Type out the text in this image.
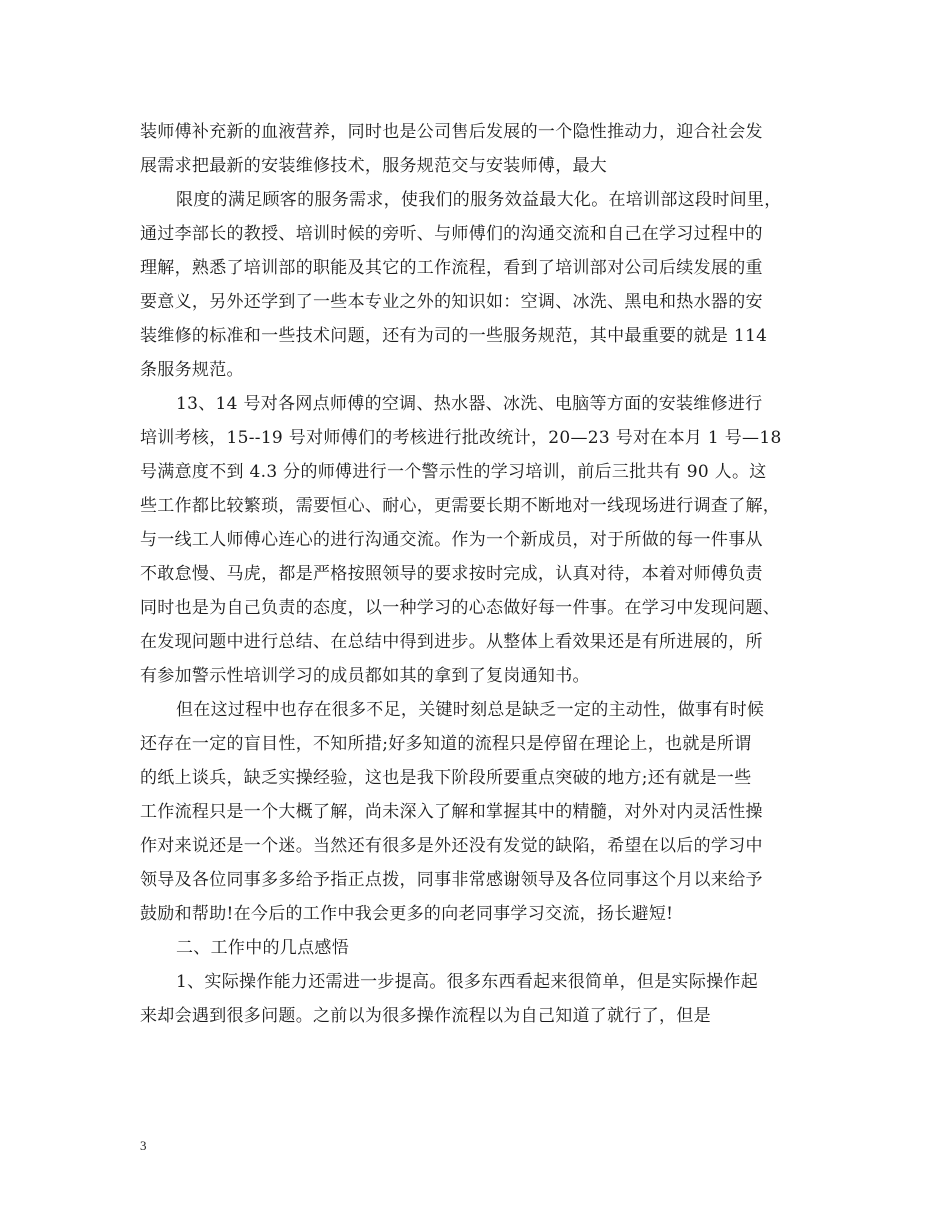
装师傅补充新的血液营养，同时也是公司售后发展的一个隐性推动力，迎合社会发
展需求把最新的安装维修技术，服务规范交与安装师傅，最大
限度的满足顾客的服务需求，使我们的服务效益最大化。在培训部这段时间里，
通过李部长的教授、培训时候的旁听、与师傅们的沟通交流和自己在学习过程中的
理解，熟悉了培训部的职能及其它的工作流程，看到了培训部对公司后续发展的重
要意义，另外还学到了一些本专业之外的知识如：空调、冰洗、黑电和热水器的安
装维修的标准和一些技术问题，还有为司的一些服务规范，其中最重要的就是 114
条服务规范。
13、14 号对各网点师傅的空调、热水器、冰洗、电脑等方面的安装维修进行
培训考核，15--19 号对师傅们的考核进行批改统计，20—23 号对在本月 1 号—18
号满意度不到 4.3 分的师傅进行一个警示性的学习培训，前后三批共有 90 人。这
些工作都比较繁琐，需要恒心、耐心，更需要长期不断地对一线现场进行调查了解，
与一线工人师傅心连心的进行沟通交流。作为一个新成员，对于所做的每一件事从
不敢怠慢、马虎，都是严格按照领导的要求按时完成，认真对待，本着对师傅负责
同时也是为自己负责的态度，以一种学习的心态做好每一件事。在学习中发现问题、
在发现问题中进行总结、在总结中得到进步。从整体上看效果还是有所进展的，所
有参加警示性培训学习的成员都如其的拿到了复岗通知书。
但在这过程中也存在很多不足，关键时刻总是缺乏一定的主动性，做事有时候
还存在一定的盲目性，不知所措;好多知道的流程只是停留在理论上，也就是所谓
的纸上谈兵，缺乏实操经验，这也是我下阶段所要重点突破的地方;还有就是一些
工作流程只是一个大概了解，尚未深入了解和掌握其中的精髓，对外对内灵活性操
作对来说还是一个迷。当然还有很多是外还没有发觉的缺陷，希望在以后的学习中
领导及各位同事多多给予指正点拨，同事非常感谢领导及各位同事这个月以来给予
鼓励和帮助!在今后的工作中我会更多的向老同事学习交流，扬长避短!
二、工作中的几点感悟
1、实际操作能力还需进一步提高。很多东西看起来很简单，但是实际操作起
来却会遇到很多问题。之前以为很多操作流程以为自己知道了就行了，但是
3
